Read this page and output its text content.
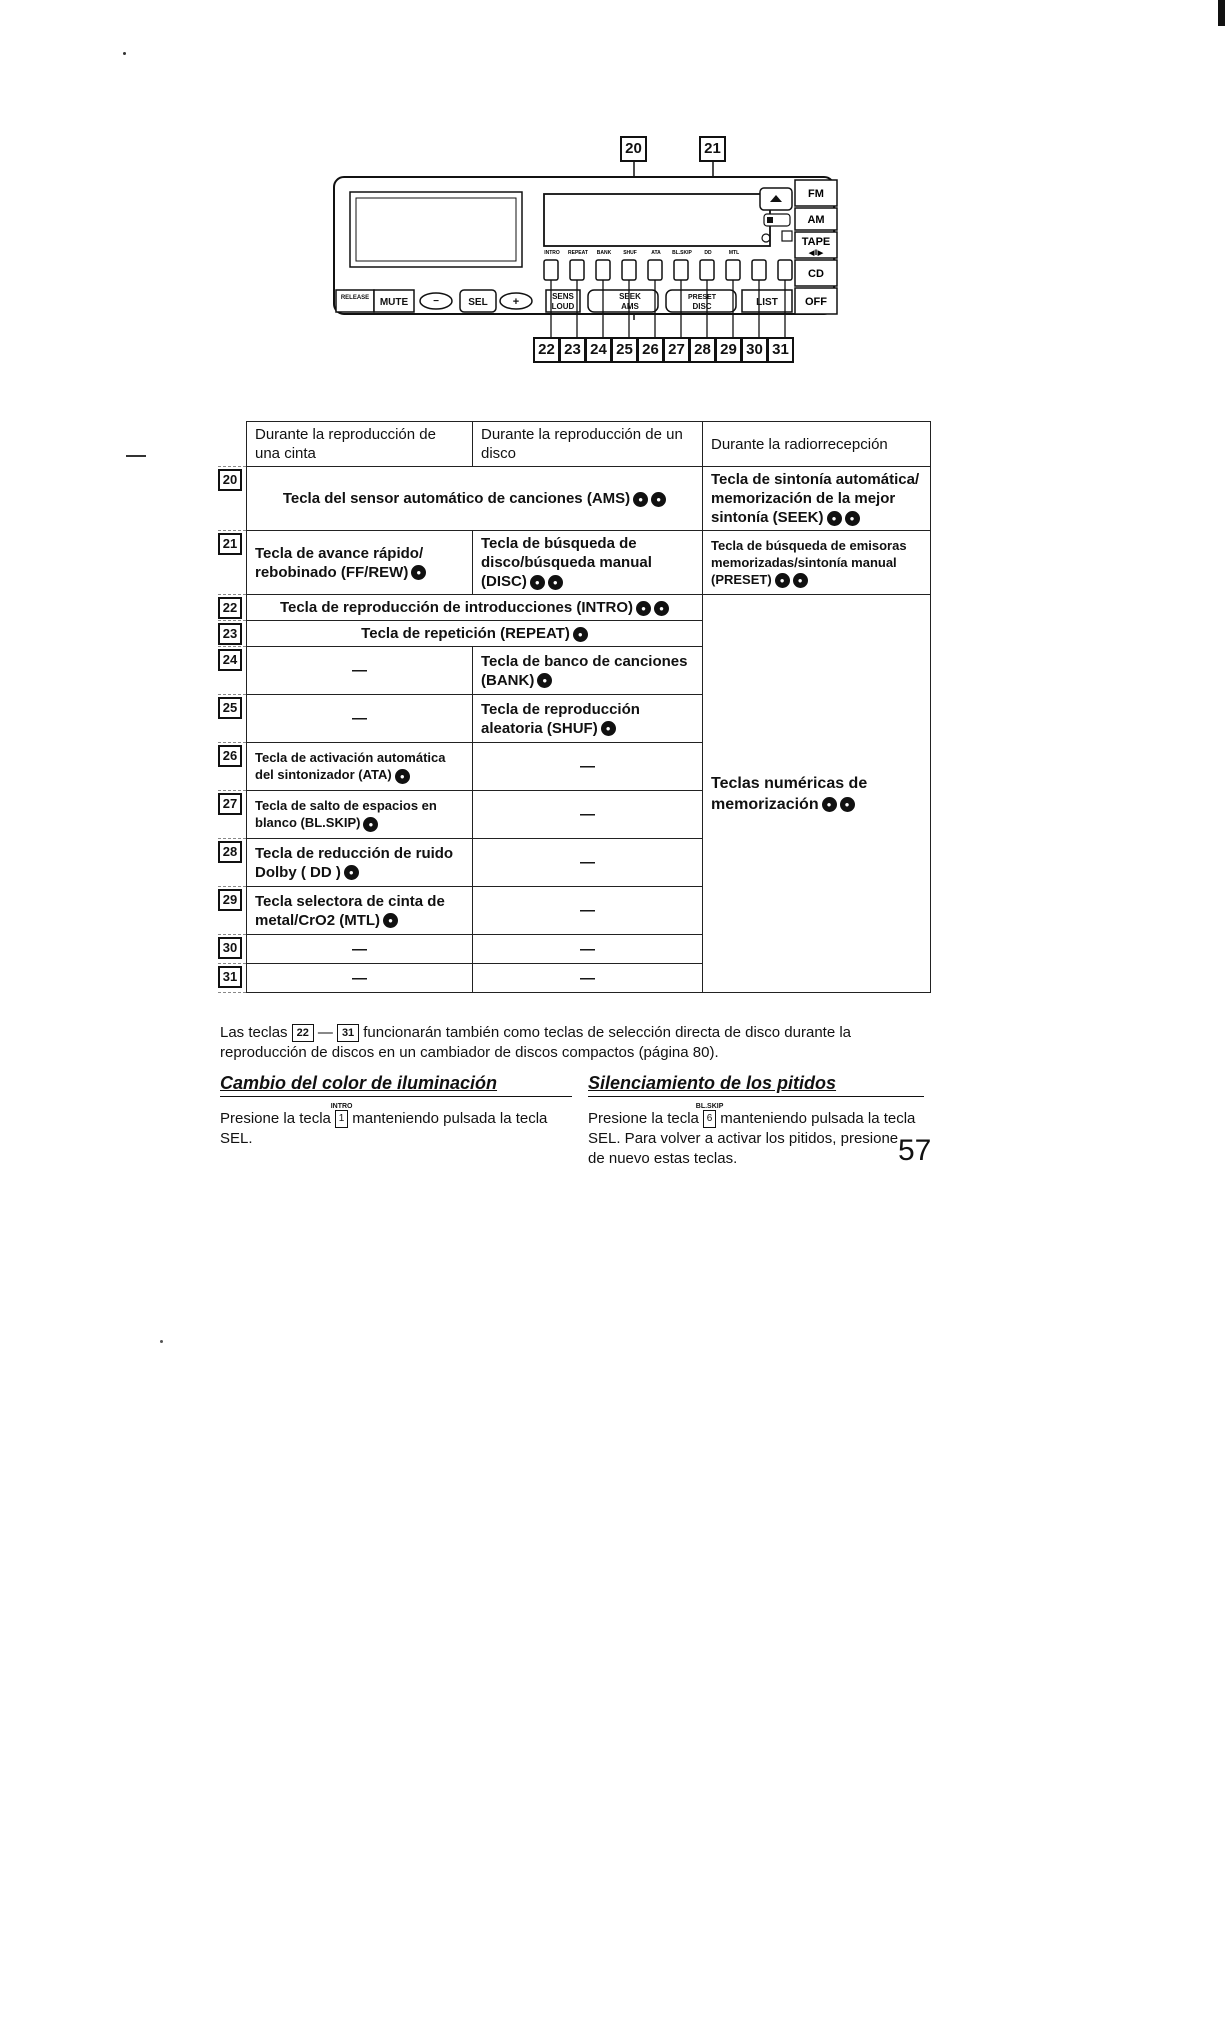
FM
AM
TAPE
◀‖▶
CD
OFF
INTRO REPEAT BANK SHUF	ATA BL.SKIP	DD	MTL
RELEASE MUTE −	SEL +	SENS
LOUD
SEEK
AMS
PRESET
DISC	LIST
20	21
22 23 24 25 26 27 28 29 30 31
	Durante la reproducción de una cinta	Durante la reproducción de un disco	Durante la radiorrecepción
20	Tecla del sensor automático de canciones (AMS) ● ●		Tecla de sintonía automática/ memorización de la mejor sintonía (SEEK) ● ●
21	Tecla de avance rápido/ rebobinado (FF/REW) ●	Tecla de búsqueda de disco/búsqueda manual (DISC) ● ●	Tecla de búsqueda de emisoras memorizadas/sintonía manual (PRESET) ● ●
22	Tecla de reproducción de introducciones (INTRO) ● ●		Teclas numéricas de memorización ● ●
23	Tecla de repetición (REPEAT) ●		
24	—	Tecla de banco de canciones (BANK) ●	
25	—	Tecla de reproducción aleatoria (SHUF) ●	
26	Tecla de activación automática del sintonizador (ATA) ●	—	
27	Tecla de salto de espacios en blanco (BL.SKIP) ●	—	
28	Tecla de reducción de ruido Dolby ( DD ) ●	—	
29	Tecla selectora de cinta de metal/CrO2 (MTL) ●	—	
30	—	—	
31	—	—	
Las teclas 22 — 31 funcionarán también como teclas de selección directa de disco durante la reproducción de discos en un cambiador de discos compactos (página 80).
Cambio del color de iluminación
Presione la tecla
INTRO
1 manteniendo pulsada la tecla SEL.
Silenciamiento de los pitidos
Presione la tecla
BL.SKIP
6 manteniendo pulsada la tecla SEL. Para volver a activar los pitidos, presione de nuevo estas teclas.	57
